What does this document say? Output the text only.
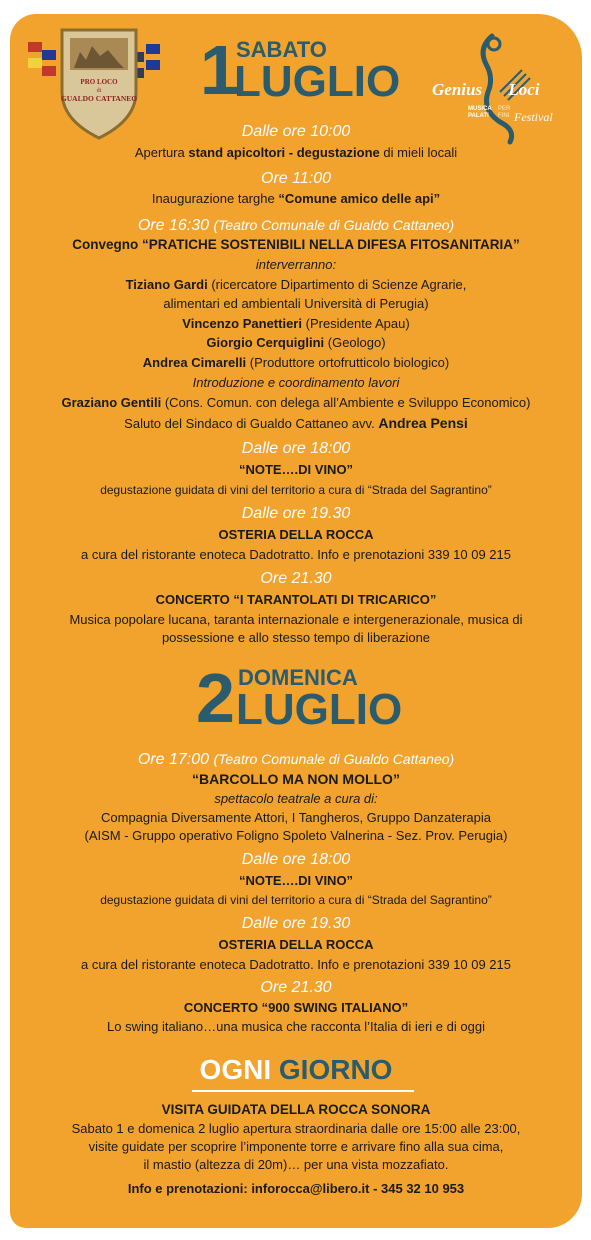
PRO LOCO
di
GUALDO CATTANEO	Genius Loci
MUSICA PALATI
PER FINI Festival
1 SABATO
LUGLIO
Dalle ore 10:00
Apertura stand apicoltori - degustazione di mieli locali
Ore 11:00
Inaugurazione targhe “Comune amico delle api”
Ore 16:30 (Teatro Comunale di Gualdo Cattaneo)
Convegno “PRATICHE SOSTENIBILI NELLA DIFESA FITOSANITARIA”
interverranno:
Tiziano Gardi (ricercatore Dipartimento di Scienze Agrarie,
alimentari ed ambientali Università di Perugia)
Vincenzo Panettieri (Presidente Apau)
Giorgio Cerquiglini (Geologo)
Andrea Cimarelli (Produttore ortofrutticolo biologico)
Introduzione e coordinamento lavori
Graziano Gentili (Cons. Comun. con delega all’Ambiente e Sviluppo Economico)
Saluto del Sindaco di Gualdo Cattaneo avv. Andrea Pensi
Dalle ore 18:00
“NOTE….DI VINO”
degustazione guidata di vini del territorio a cura di “Strada del Sagrantino”
Dalle ore 19.30
OSTERIA DELLA ROCCA
a cura del ristorante enoteca Dadotratto. Info e prenotazioni 339 10 09 215
Ore 21.30
CONCERTO “I TARANTOLATI DI TRICARICO”
Musica popolare lucana, taranta internazionale e intergenerazionale, musica di
possessione e allo stesso tempo di liberazione
2 DOMENICA
LUGLIO
Ore 17:00 (Teatro Comunale di Gualdo Cattaneo)
“BARCOLLO MA NON MOLLO”
spettacolo teatrale a cura di:
Compagnia Diversamente Attori, I Tangheros, Gruppo Danzaterapia
(AISM - Gruppo operativo Foligno Spoleto Valnerina - Sez. Prov. Perugia)
Dalle ore 18:00
“NOTE….DI VINO”
degustazione guidata di vini del territorio a cura di “Strada del Sagrantino”
Dalle ore 19.30
OSTERIA DELLA ROCCA
a cura del ristorante enoteca Dadotratto. Info e prenotazioni 339 10 09 215
Ore 21.30
CONCERTO “900 SWING ITALIANO”
Lo swing italiano…una musica che racconta l’Italia di ieri e di oggi
OGNI GIORNO
VISITA GUIDATA DELLA ROCCA SONORA
Sabato 1 e domenica 2 luglio apertura straordinaria dalle ore 15:00 alle 23:00,
visite guidate per scoprire l’imponente torre e arrivare fino alla sua cima,
il mastio (altezza di 20m)… per una vista mozzafiato.
Info e prenotazioni: inforocca@libero.it - 345 32 10 953
